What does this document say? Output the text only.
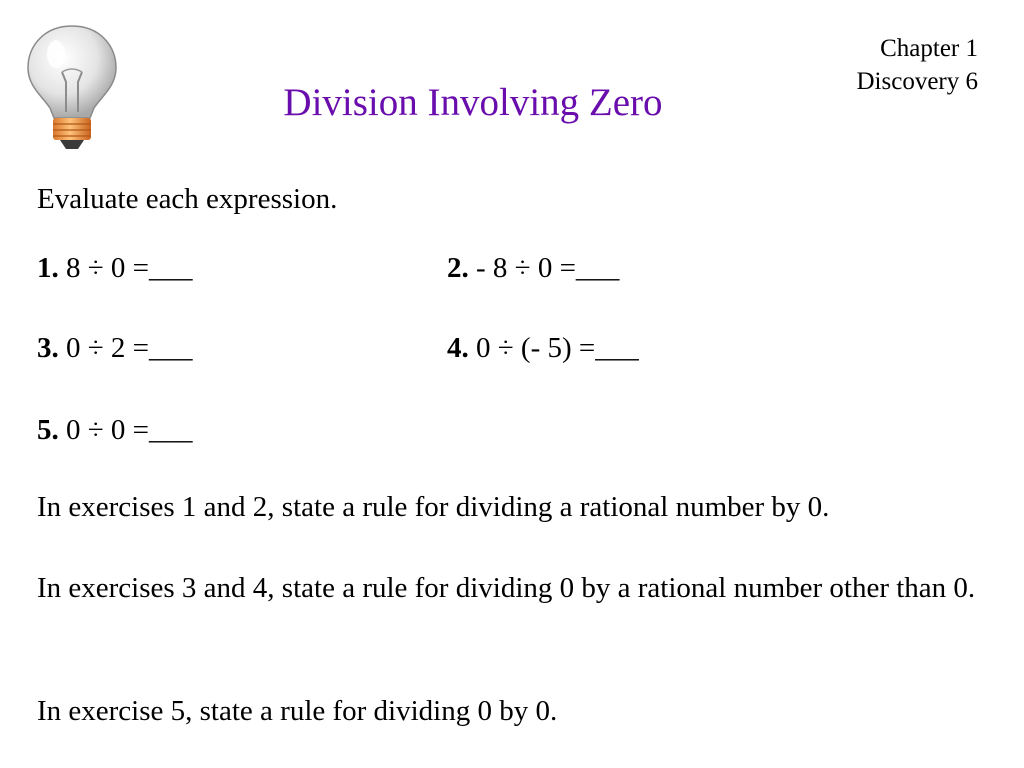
Chapter 1
Discovery 6
Division Involving Zero
Evaluate each expression.
1. 8 ÷ 0 =___	2. - 8 ÷ 0 =___
3. 0 ÷ 2 =___	4. 0 ÷ (- 5) =___
5. 0 ÷ 0 =___
In exercises 1 and 2, state a rule for dividing a rational number by 0.
In exercises 3 and 4, state a rule for dividing 0 by a rational number other than 0.
In exercise 5, state a rule for dividing 0 by 0.
